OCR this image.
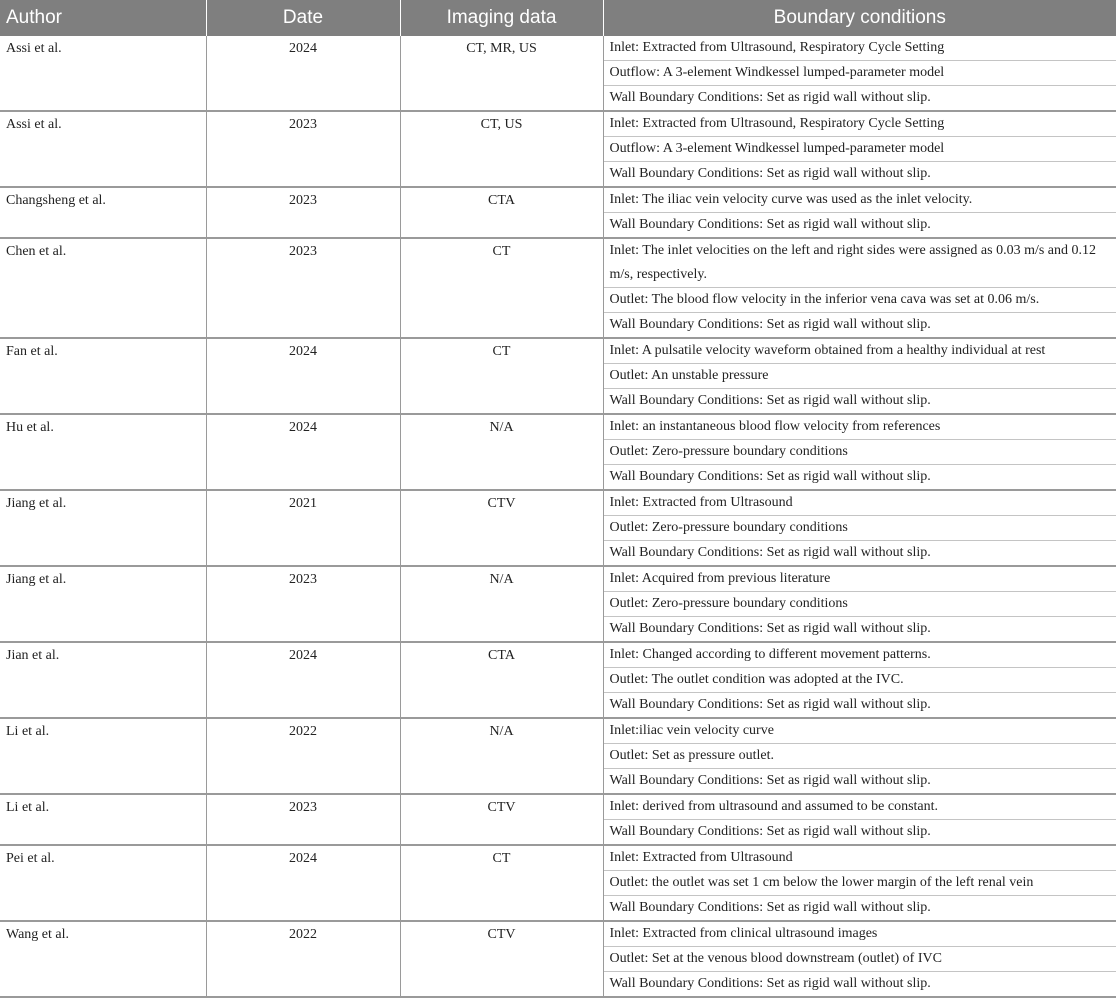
Author	Date	Imaging data	Boundary conditions

Assi et al.	2024	CT, MR, US	Inlet: Extracted from Ultrasound, Respiratory Cycle Setting
Outflow: A 3-element Windkessel lumped-parameter model
Wall Boundary Conditions: Set as rigid wall without slip.

Assi et al.	2023	CT, US	Inlet: Extracted from Ultrasound, Respiratory Cycle Setting
Outflow: A 3-element Windkessel lumped-parameter model
Wall Boundary Conditions: Set as rigid wall without slip.

Changsheng et al.	2023	CTA	Inlet: The iliac vein velocity curve was used as the inlet velocity.
Wall Boundary Conditions: Set as rigid wall without slip.

Chen et al.	2023	CT	Inlet: The inlet velocities on the left and right sides were assigned as 0.03 m/s and 0.12 m/s, respectively.
Outlet: The blood flow velocity in the inferior vena cava was set at 0.06 m/s.
Wall Boundary Conditions: Set as rigid wall without slip.

Fan et al.	2024	CT	Inlet: A pulsatile velocity waveform obtained from a healthy individual at rest
Outlet: An unstable pressure
Wall Boundary Conditions: Set as rigid wall without slip.

Hu et al.	2024	N/A	Inlet: an instantaneous blood flow velocity from references
Outlet: Zero-pressure boundary conditions
Wall Boundary Conditions: Set as rigid wall without slip.

Jiang et al.	2021	CTV	Inlet: Extracted from Ultrasound
Outlet: Zero-pressure boundary conditions
Wall Boundary Conditions: Set as rigid wall without slip.

Jiang et al.	2023	N/A	Inlet: Acquired from previous literature
Outlet: Zero-pressure boundary conditions
Wall Boundary Conditions: Set as rigid wall without slip.

Jian et al.	2024	CTA	Inlet: Changed according to different movement patterns.
Outlet: The outlet condition was adopted at the IVC.
Wall Boundary Conditions: Set as rigid wall without slip.

Li et al.	2022	N/A	Inlet:iliac vein velocity curve
Outlet: Set as pressure outlet.
Wall Boundary Conditions: Set as rigid wall without slip.

Li et al.	2023	CTV	Inlet: derived from ultrasound and assumed to be constant.
Wall Boundary Conditions: Set as rigid wall without slip.

Pei et al.	2024	CT	Inlet: Extracted from Ultrasound
Outlet: the outlet was set 1 cm below the lower margin of the left renal vein
Wall Boundary Conditions: Set as rigid wall without slip.

Wang et al.	2022	CTV	Inlet: Extracted from clinical ultrasound images
Outlet: Set at the venous blood downstream (outlet) of IVC
Wall Boundary Conditions: Set as rigid wall without slip.
